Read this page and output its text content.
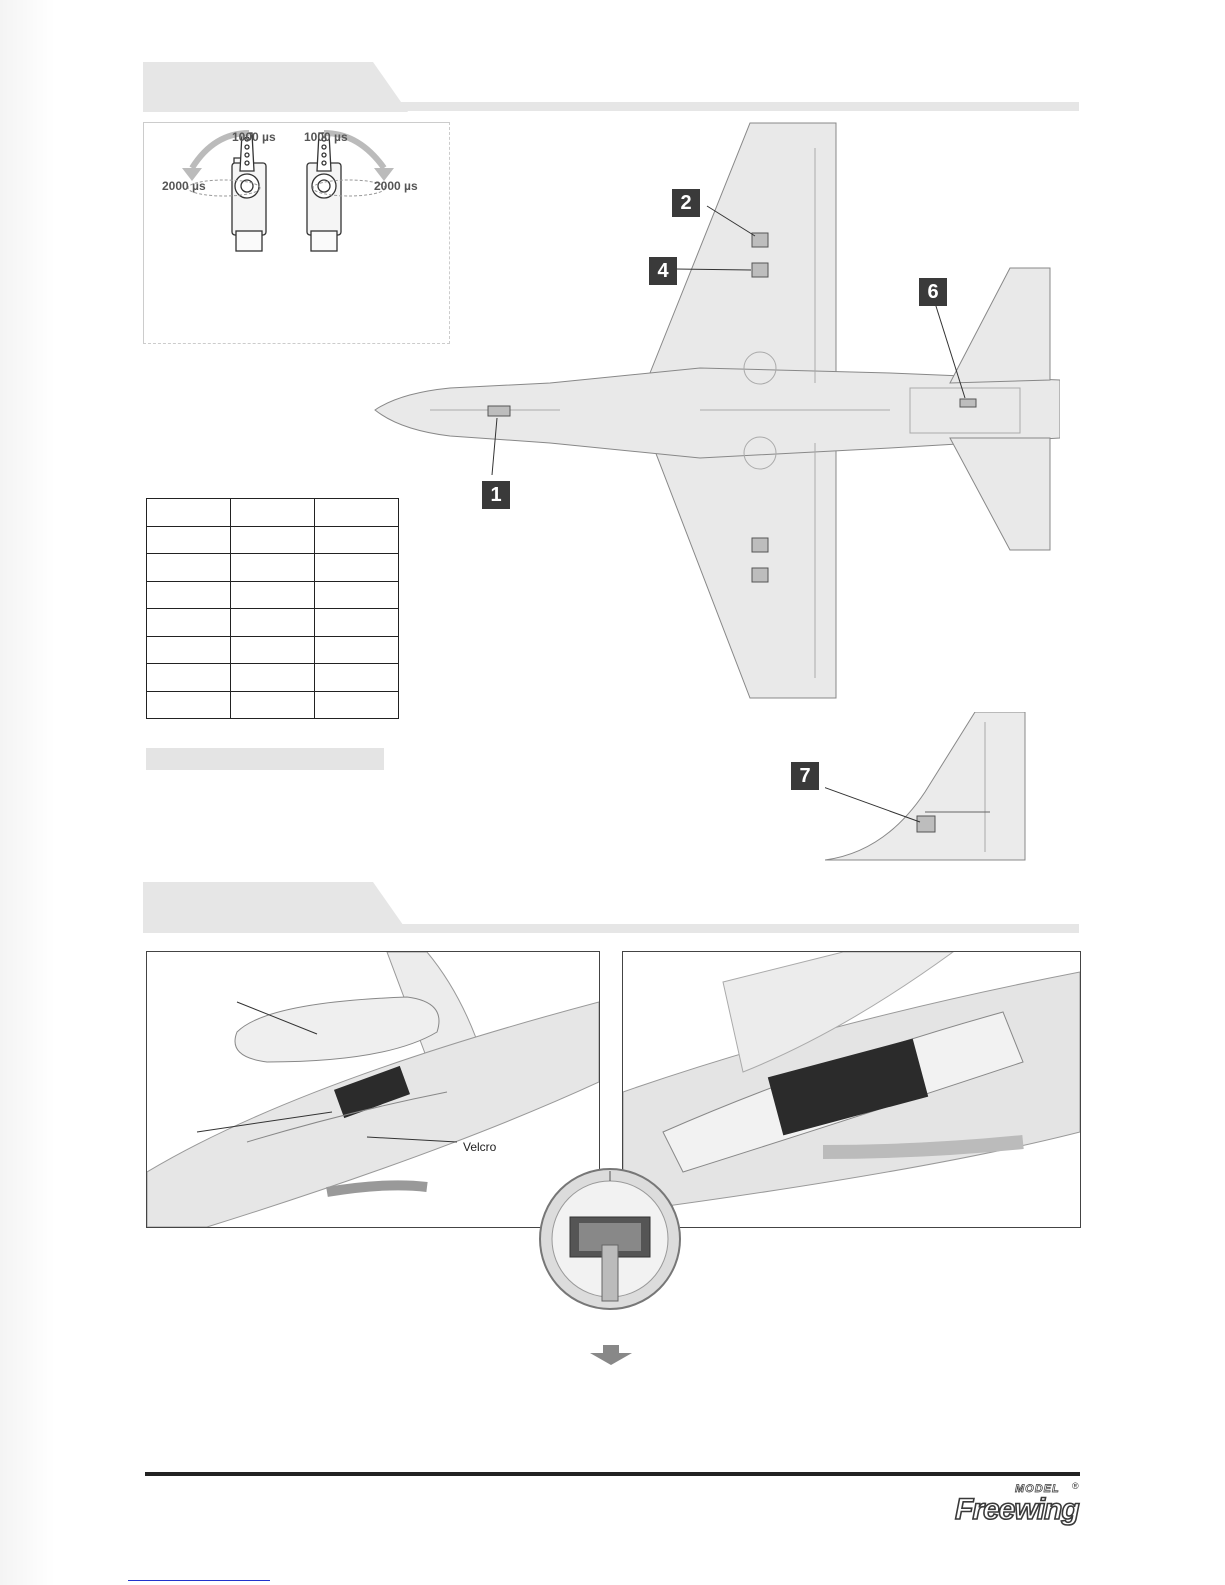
1000 µs
2000 µs
1000 µs
2000 µs
2
4
6
1

7
Velcro
MODEL ®
Freewing
